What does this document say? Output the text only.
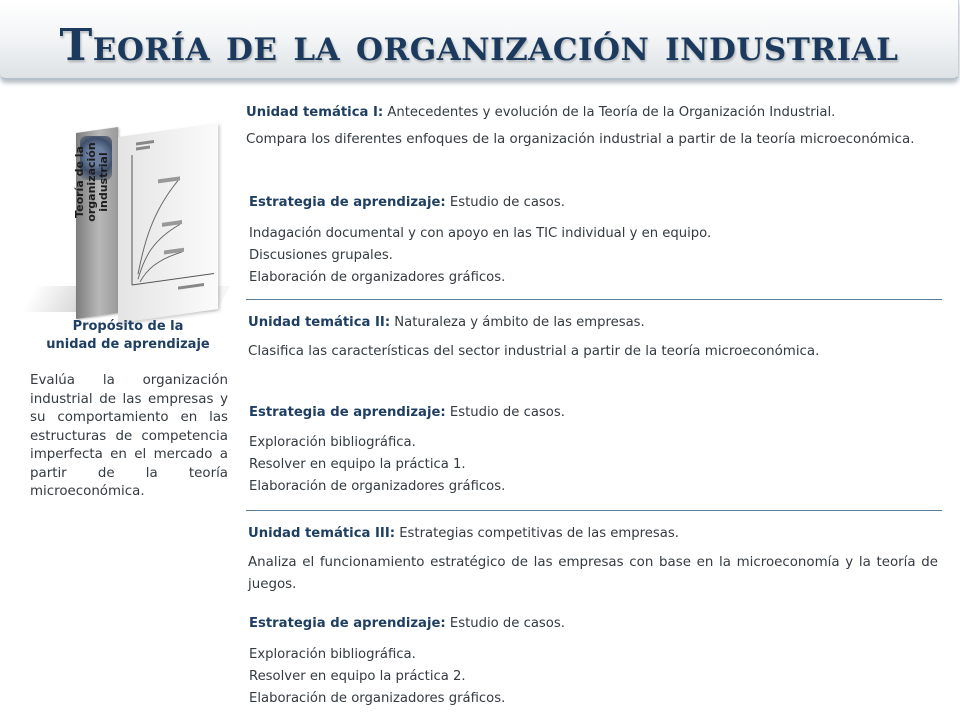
Teoría de la organización industrial
Teoría de la organización industrial
Propósito de la
unidad de aprendizaje
Evalúa la organización industrial de las empresas y su comportamiento en las estructuras de competencia imperfecta en el mercado a partir de la teoría microeconómica.
Unidad temática I: Antecedentes y evolución de la Teoría de la Organización Industrial.
Compara los diferentes enfoques de la organización industrial a partir de la teoría microeconómica.
Estrategia de aprendizaje: Estudio de casos.
Indagación documental y con apoyo en las TIC individual y en equipo.
Discusiones grupales.
Elaboración de organizadores gráficos.
Unidad temática II: Naturaleza y ámbito de las empresas.
Clasifica las características del sector industrial a partir de la teoría microeconómica.
Estrategia de aprendizaje: Estudio de casos.
Exploración bibliográfica.
Resolver en equipo la práctica 1.
Elaboración de organizadores gráficos.
Unidad temática III: Estrategias competitivas de las empresas.
Analiza el funcionamiento estratégico de las empresas con base en la microeconomía y la teoría de juegos.
Estrategia de aprendizaje: Estudio de casos.
Exploración bibliográfica.
Resolver en equipo la práctica 2.
Elaboración de organizadores gráficos.
